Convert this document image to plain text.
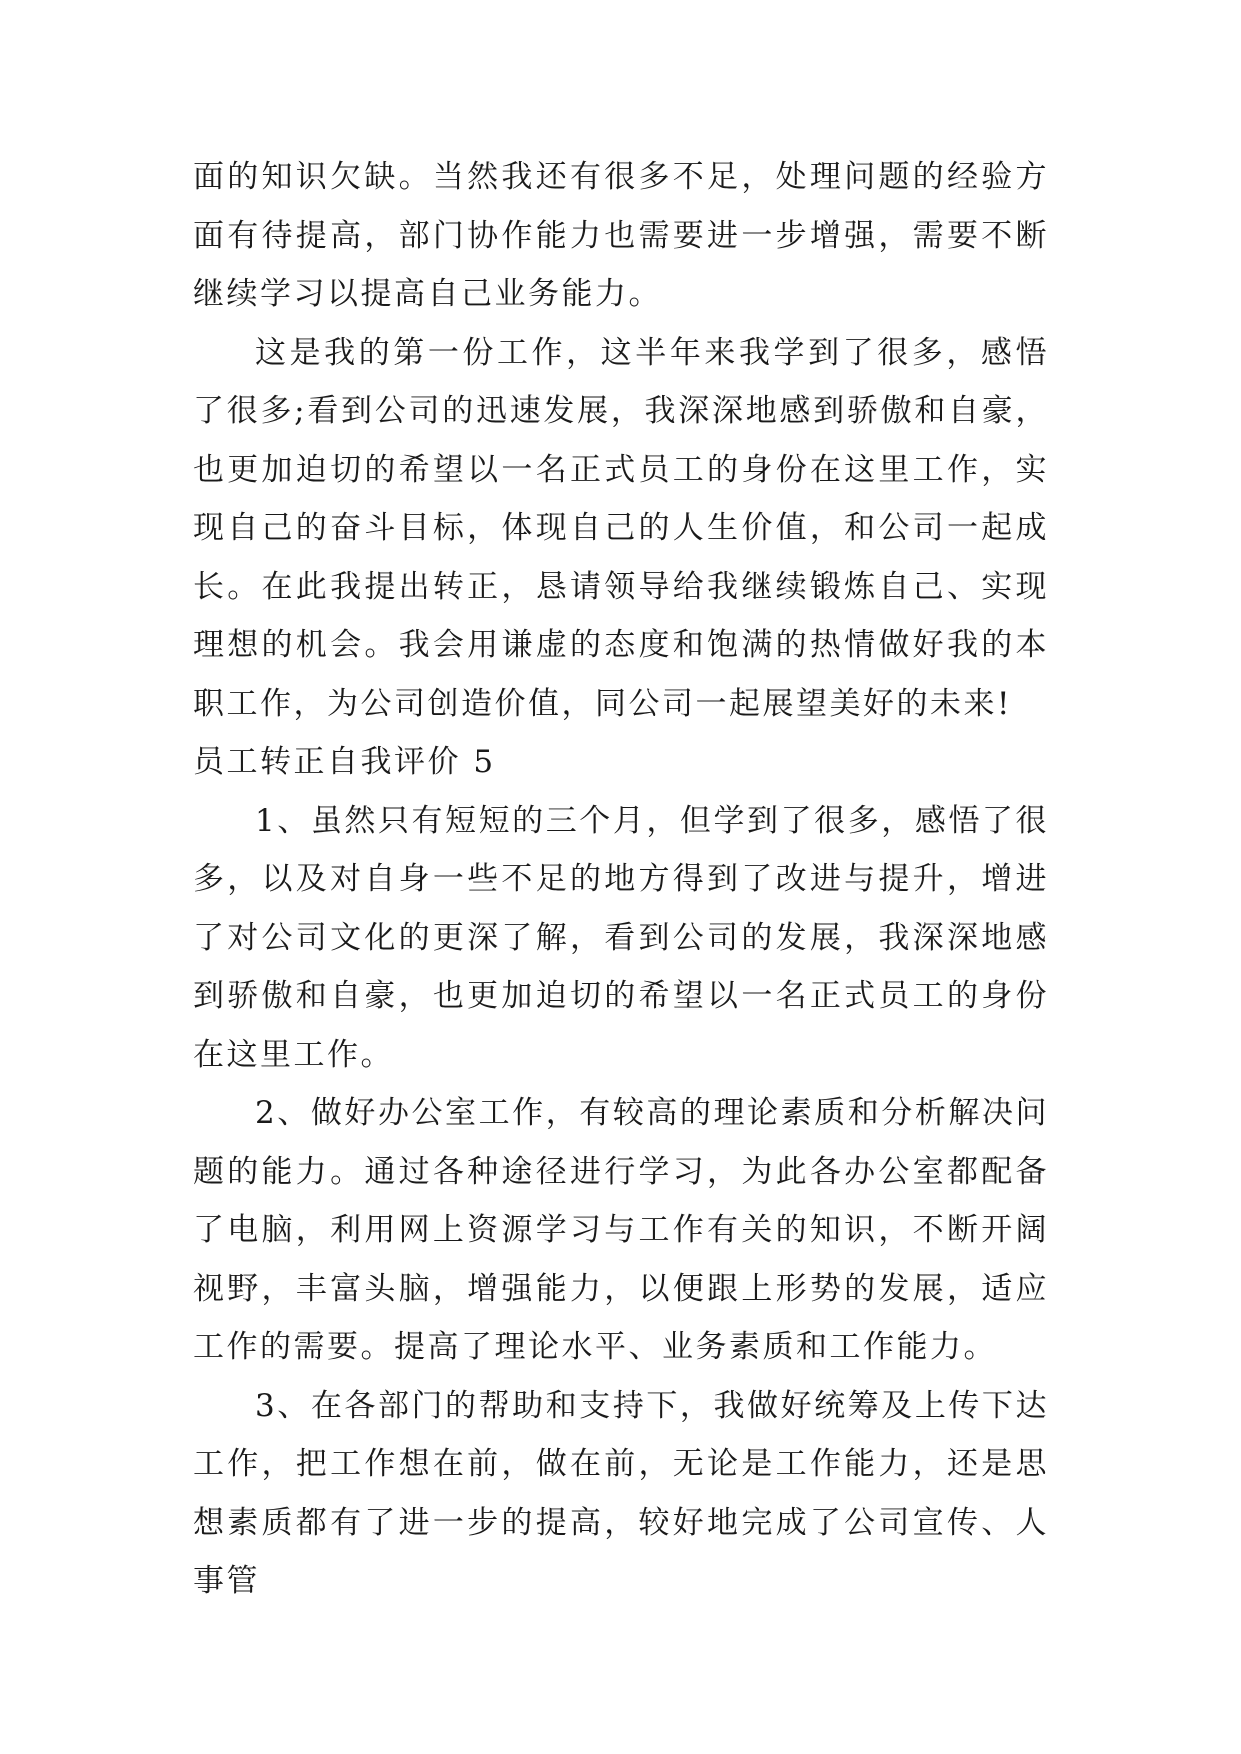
面的知识欠缺。当然我还有很多不足，处理问题的经验方面有待提高，部门协作能力也需要进一步增强，需要不断继续学习以提高自己业务能力。

这是我的第一份工作，这半年来我学到了很多，感悟了很多;看到公司的迅速发展，我深深地感到骄傲和自豪，也更加迫切的希望以一名正式员工的身份在这里工作，实现自己的奋斗目标，体现自己的人生价值，和公司一起成长。在此我提出转正，恳请领导给我继续锻炼自己、实现理想的机会。我会用谦虚的态度和饱满的热情做好我的本职工作，为公司创造价值，同公司一起展望美好的未来!

员工转正自我评价 5

1、虽然只有短短的三个月，但学到了很多，感悟了很多，以及对自身一些不足的地方得到了改进与提升，增进了对公司文化的更深了解，看到公司的发展，我深深地感到骄傲和自豪，也更加迫切的希望以一名正式员工的身份在这里工作。

2、做好办公室工作，有较高的理论素质和分析解决问题的能力。通过各种途径进行学习，为此各办公室都配备了电脑，利用网上资源学习与工作有关的知识，不断开阔视野，丰富头脑，增强能力，以便跟上形势的发展，适应工作的需要。提高了理论水平、业务素质和工作能力。

3、在各部门的帮助和支持下，我做好统筹及上传下达工作，把工作想在前，做在前，无论是工作能力，还是思想素质都有了进一步的提高，较好地完成了公司宣传、人事管
